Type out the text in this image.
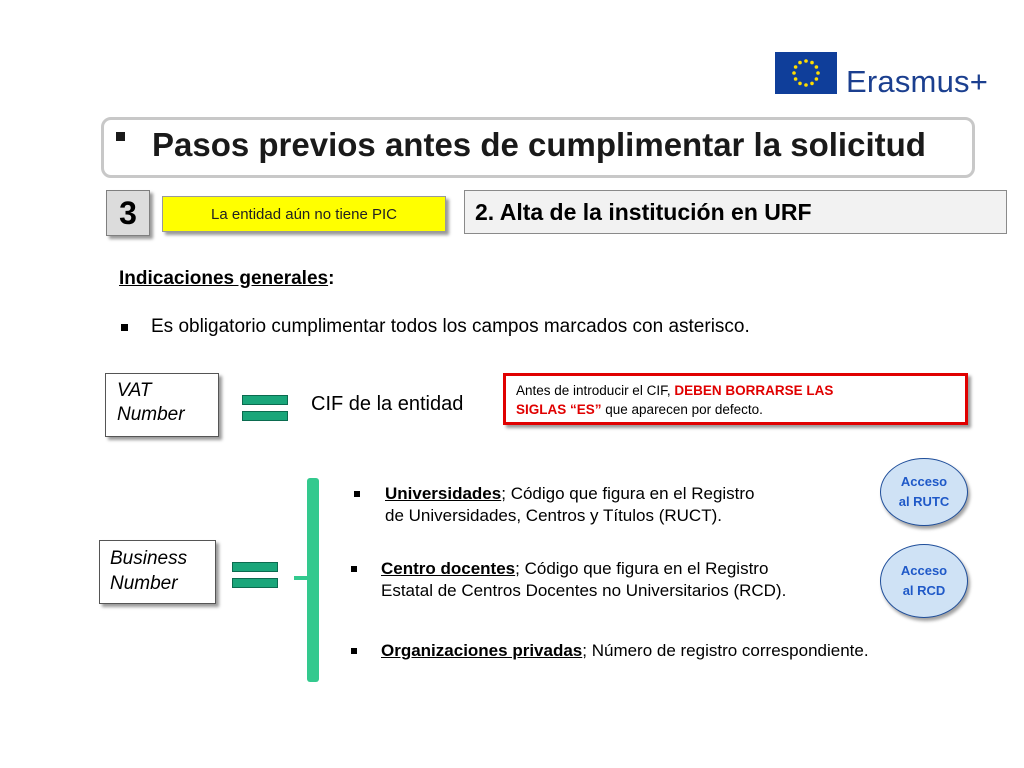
Erasmus+
Pasos previos antes de cumplimentar la solicitud
3	La entidad aún no tiene PIC	2. Alta de la institución en URF
Indicaciones generales:
Es obligatorio cumplimentar todos los campos marcados con asterisco.
VAT
Number	CIF de la entidad
Antes de introducir el CIF, DEBEN BORRARSE LAS
SIGLAS “ES” que aparecen por defecto.
Business
Number
Universidades; Código que figura en el Registro
de Universidades, Centros y Títulos (RUCT).
Centro docentes; Código que figura en el Registro
Estatal de Centros Docentes no Universitarios (RCD).
Organizaciones privadas; Número de registro correspondiente.
Acceso
al RUTC
Acceso
al RCD
